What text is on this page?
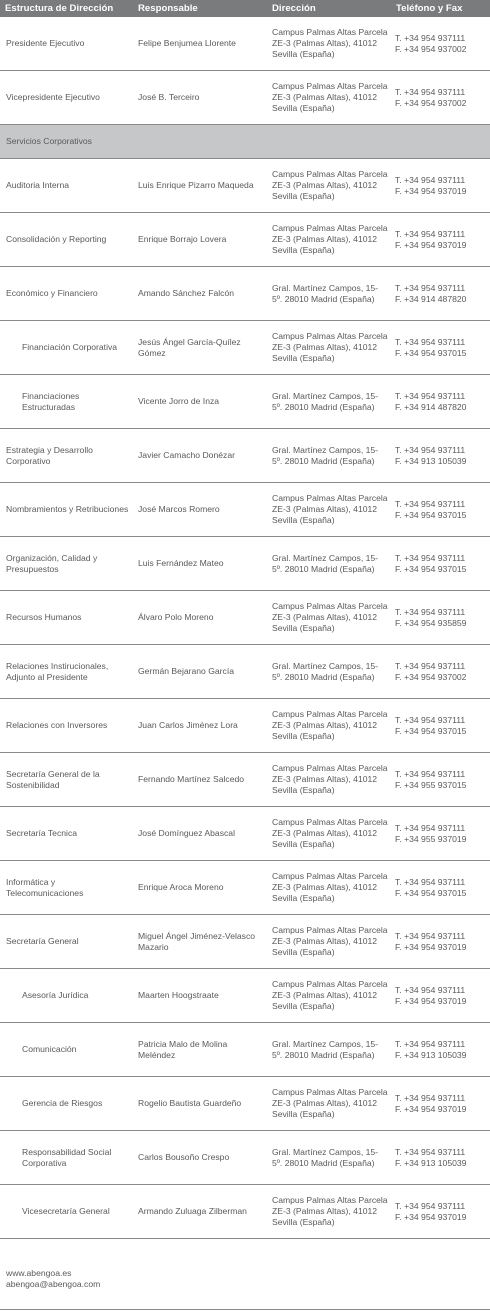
Estructura de Dirección	Responsable	Dirección	Teléfono y Fax
Presidente Ejecutivo	Felipe Benjumea Llorente	Campus Palmas Altas Parcela ZE-3 (Palmas Altas), 41012 Sevilla (España)	T. +34 954 937111
F. +34 954 937002

Vicepresidente Ejecutivo	José B. Terceiro	Campus Palmas Altas Parcela ZE-3 (Palmas Altas), 41012 Sevilla (España)	T. +34 954 937111
F. +34 954 937002

Servicios Corporativos			
Auditoria Interna	Luis Enrique Pizarro Maqueda	Campus Palmas Altas Parcela ZE-3 (Palmas Altas), 41012 Sevilla (España)	T. +34 954 937111
F. +34 954 937019

Consolidación y Reporting	Enrique Borrajo Lovera	Campus Palmas Altas Parcela ZE-3 (Palmas Altas), 41012 Sevilla (España)	T. +34 954 937111
F. +34 954 937019

Económico y Financiero	Amando Sánchez Falcón	Gral. Martínez Campos, 15-5º. 28010 Madrid (España)	T. +34 954 937111
F. +34 914 487820

Financiación Corporativa	Jesús Ángel García-Quílez Gómez	Campus Palmas Altas Parcela ZE-3 (Palmas Altas), 41012 Sevilla (España)	T. +34 954 937111
F. +34 954 937015

Financiaciones Estructuradas	Vicente Jorro de Inza	Gral. Martínez Campos, 15-5º. 28010 Madrid (España)	T. +34 954 937111
F. +34 914 487820

Estrategia y Desarrollo Corporativo	Javier Camacho Donézar	Gral. Martínez Campos, 15-5º. 28010 Madrid (España)	T. +34 954 937111
F. +34 913 105039

Nombramientos y Retribuciones	José Marcos Romero	Campus Palmas Altas Parcela ZE-3 (Palmas Altas), 41012 Sevilla (España)	T. +34 954 937111
F. +34 954 937015

Organización, Calidad y Presupuestos	Luis Fernández Mateo	Gral. Martínez Campos, 15-5º. 28010 Madrid (España)	T. +34 954 937111
F. +34 954 937015

Recursos Humanos	Álvaro Polo Moreno	Campus Palmas Altas Parcela ZE-3 (Palmas Altas), 41012 Sevilla (España)	T. +34 954 937111
F. +34 954 935859

Relaciones Instirucionales, Adjunto al Presidente	Germán Bejarano García	Gral. Martínez Campos, 15-5º. 28010 Madrid (España)	T. +34 954 937111
F. +34 954 937002

Relaciones con Inversores	Juan Carlos Jiménez Lora	Campus Palmas Altas Parcela ZE-3 (Palmas Altas), 41012 Sevilla (España)	T. +34 954 937111
F. +34 954 937015

Secretaría General de la Sostenibilidad	Fernando Martínez Salcedo	Campus Palmas Altas Parcela ZE-3 (Palmas Altas), 41012 Sevilla (España)	T. +34 954 937111
F. +34 955 937015

Secretaría Tecnica	José Domínguez Abascal	Campus Palmas Altas Parcela ZE-3 (Palmas Altas), 41012 Sevilla (España)	T. +34 954 937111
F. +34 955 937019

Informática y Telecomunicaciones	Enrique Aroca Moreno	Campus Palmas Altas Parcela ZE-3 (Palmas Altas), 41012 Sevilla (España)	T. +34 954 937111
F. +34 954 937015

Secretaría General	Miguel Ángel Jiménez-Velasco Mazario	Campus Palmas Altas Parcela ZE-3 (Palmas Altas), 41012 Sevilla (España)	T. +34 954 937111
F. +34 954 937019

Asesoría Jurídica	Maarten Hoogstraate	Campus Palmas Altas Parcela ZE-3 (Palmas Altas), 41012 Sevilla (España)	T. +34 954 937111
F. +34 954 937019

Comunicación	Patricia Malo de Molina Meléndez	Gral. Martínez Campos, 15-5º. 28010 Madrid (España)	T. +34 954 937111
F. +34 913 105039

Gerencia de Riesgos	Rogelio Bautista Guardeño	Campus Palmas Altas Parcela ZE-3 (Palmas Altas), 41012 Sevilla (España)	T. +34 954 937111
F. +34 954 937019

Responsabilidad Social Corporativa	Carlos Bousoño Crespo	Gral. Martínez Campos, 15-5º. 28010 Madrid (España)	T. +34 954 937111
F. +34 913 105039

Vicesecretaría General	Armando Zuluaga Zilberman	Campus Palmas Altas Parcela ZE-3 (Palmas Altas), 41012 Sevilla (España)	T. +34 954 937111
F. +34 954 937019
www.abengoa.es
abengoa@abengoa.com
